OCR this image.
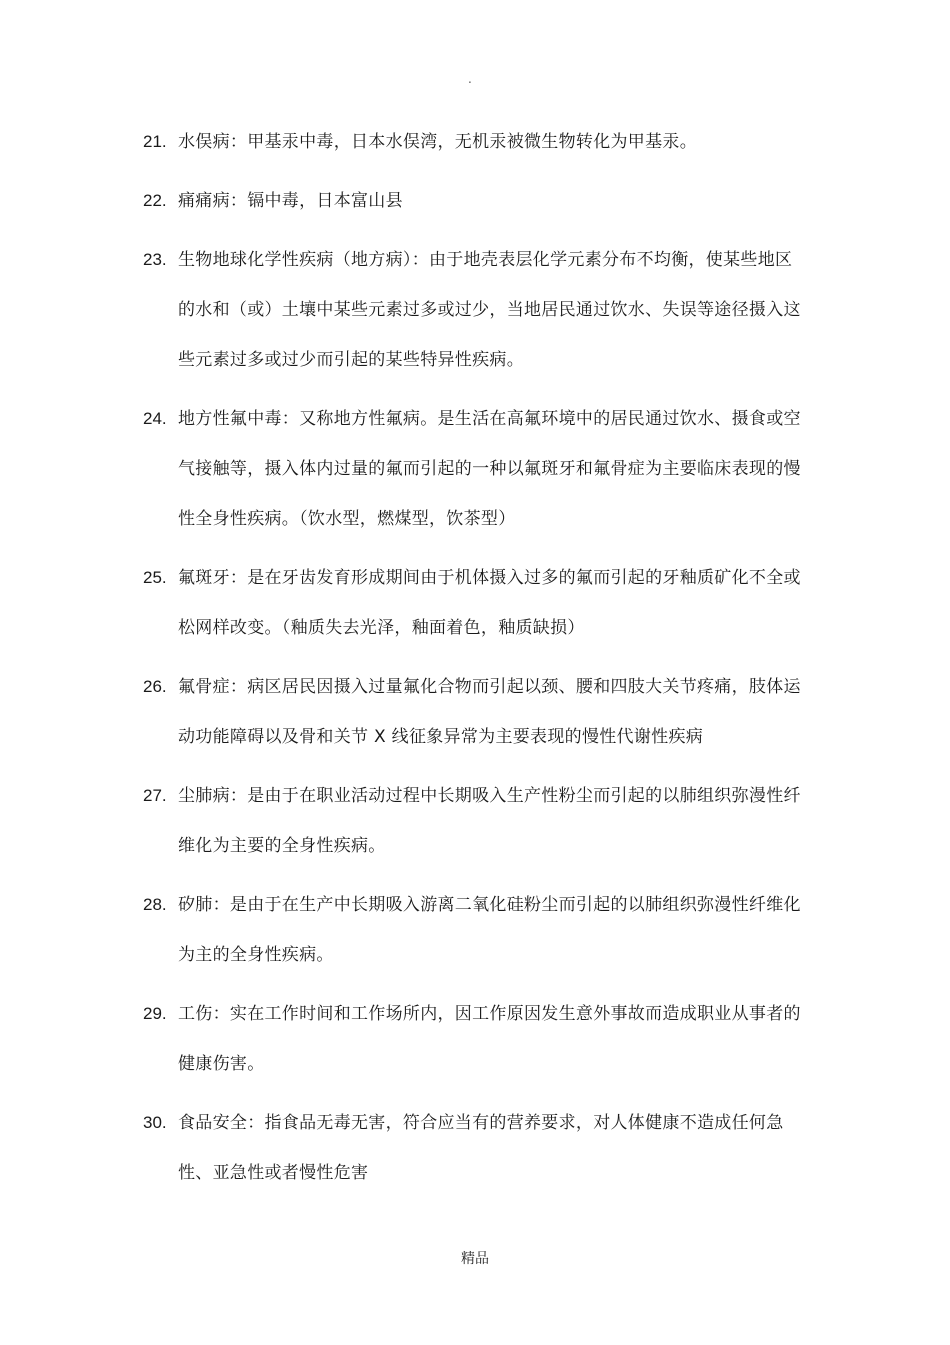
.
21. 水俣病：甲基汞中毒，日本水俣湾，无机汞被微生物转化为甲基汞。
22. 痛痛病：镉中毒，日本富山县
23. 生物地球化学性疾病（地方病）：由于地壳表层化学元素分布不均衡，使某些地区的水和（或）土壤中某些元素过多或过少，当地居民通过饮水、失误等途径摄入这些元素过多或过少而引起的某些特异性疾病。
24. 地方性氟中毒：又称地方性氟病。是生活在高氟环境中的居民通过饮水、摄食或空气接触等，摄入体内过量的氟而引起的一种以氟斑牙和氟骨症为主要临床表现的慢性全身性疾病。（饮水型，燃煤型，饮茶型）
25. 氟斑牙：是在牙齿发育形成期间由于机体摄入过多的氟而引起的牙釉质矿化不全或松网样改变。（釉质失去光泽，釉面着色，釉质缺损）
26. 氟骨症：病区居民因摄入过量氟化合物而引起以颈、腰和四肢大关节疼痛，肢体运动功能障碍以及骨和关节 X 线征象异常为主要表现的慢性代谢性疾病
27. 尘肺病：是由于在职业活动过程中长期吸入生产性粉尘而引起的以肺组织弥漫性纤维化为主要的全身性疾病。
28. 矽肺：是由于在生产中长期吸入游离二氧化硅粉尘而引起的以肺组织弥漫性纤维化为主的全身性疾病。
29. 工伤：实在工作时间和工作场所内，因工作原因发生意外事故而造成职业从事者的健康伤害。
30. 食品安全：指食品无毒无害，符合应当有的营养要求，对人体健康不造成任何急性、亚急性或者慢性危害
精品
